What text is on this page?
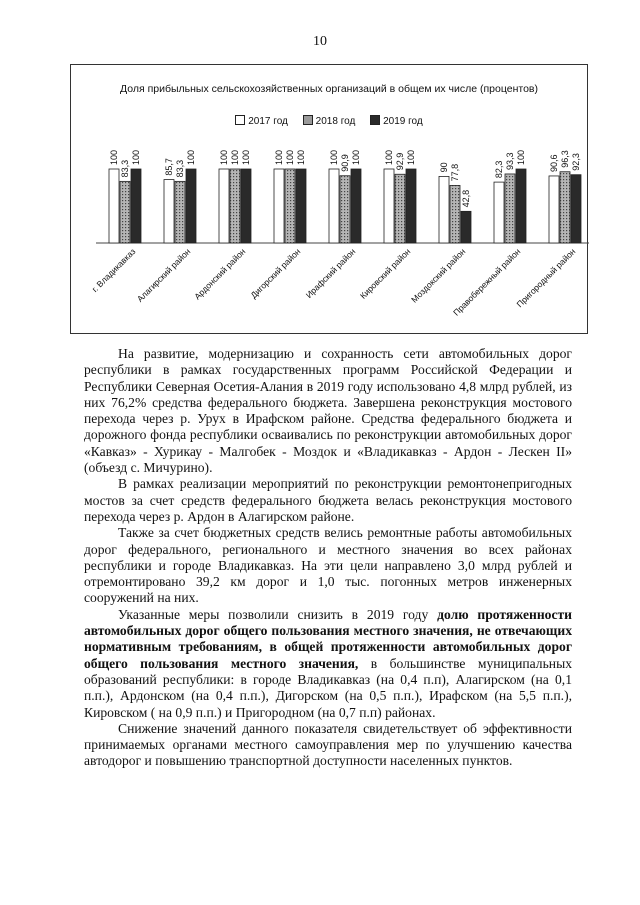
10
Доля прибыльных сельскохозяйственных организаций в общем их числе (процентов)
2017 год	2018 год	2019 год
100
83,3
100
г. Владикавказ
85,7 83,3
100
Алагирский район
100 100 100
Ардонский район
100 100 100
Дигорский район
100 90,9 100
Ирафский район
100 92,9 100
Кировский район
90 77,8
42,8
Моздокский район
82,3 93,3 100
Правобережный район
90,6 96,3 92,3
Пригородный район

На развитие, модернизацию и сохранность сети автомобильных дорог республики в рамках государственных программ Российской Федерации и Республики Северная Осетия-Алания в 2019 году использовано 4,8 млрд рублей, из них 76,2% средства федерального бюджета. Завершена реконструкция мостового перехода через р. Урух в Ирафском районе. Средства федерального бюджета и дорожного фонда республики осваивались по реконструкции автомобильных дорог «Кавказ» - Хурикау - Малгобек - Моздок и «Владикавказ - Ардон - Лескен II» (объезд с. Мичурино).

В рамках реализации мероприятий по реконструкции ремонтонепригодных мостов за счет средств федерального бюджета велась реконструкция мостового перехода через р. Ардон в Алагирском районе.

Также за счет бюджетных средств велись ремонтные работы автомобильных дорог федерального, регионального и местного значения во всех районах республики и городе Владикавказ. На эти цели направлено 3,0 млрд рублей и отремонтировано 39,2 км дорог и 1,0 тыс. погонных метров инженерных сооружений на них.

Указанные меры позволили снизить в 2019 году долю протяженности автомобильных дорог общего пользования местного значения, не отвечающих нормативным требованиям, в общей протяженности автомобильных дорог общего пользования местного значения, в большинстве муниципальных образований республики: в городе Владикавказ (на 0,4 п.п), Алагирском (на 0,1 п.п.), Ардонском (на 0,4 п.п.), Дигорском (на 0,5 п.п.), Ирафском (на 5,5 п.п.), Кировском ( на 0,9 п.п.) и Пригородном (на 0,7 п.п) районах.

Снижение значений данного показателя свидетельствует об эффективности принимаемых органами местного самоуправления мер по улучшению качества автодорог и повышению транспортной доступности населенных пунктов.
